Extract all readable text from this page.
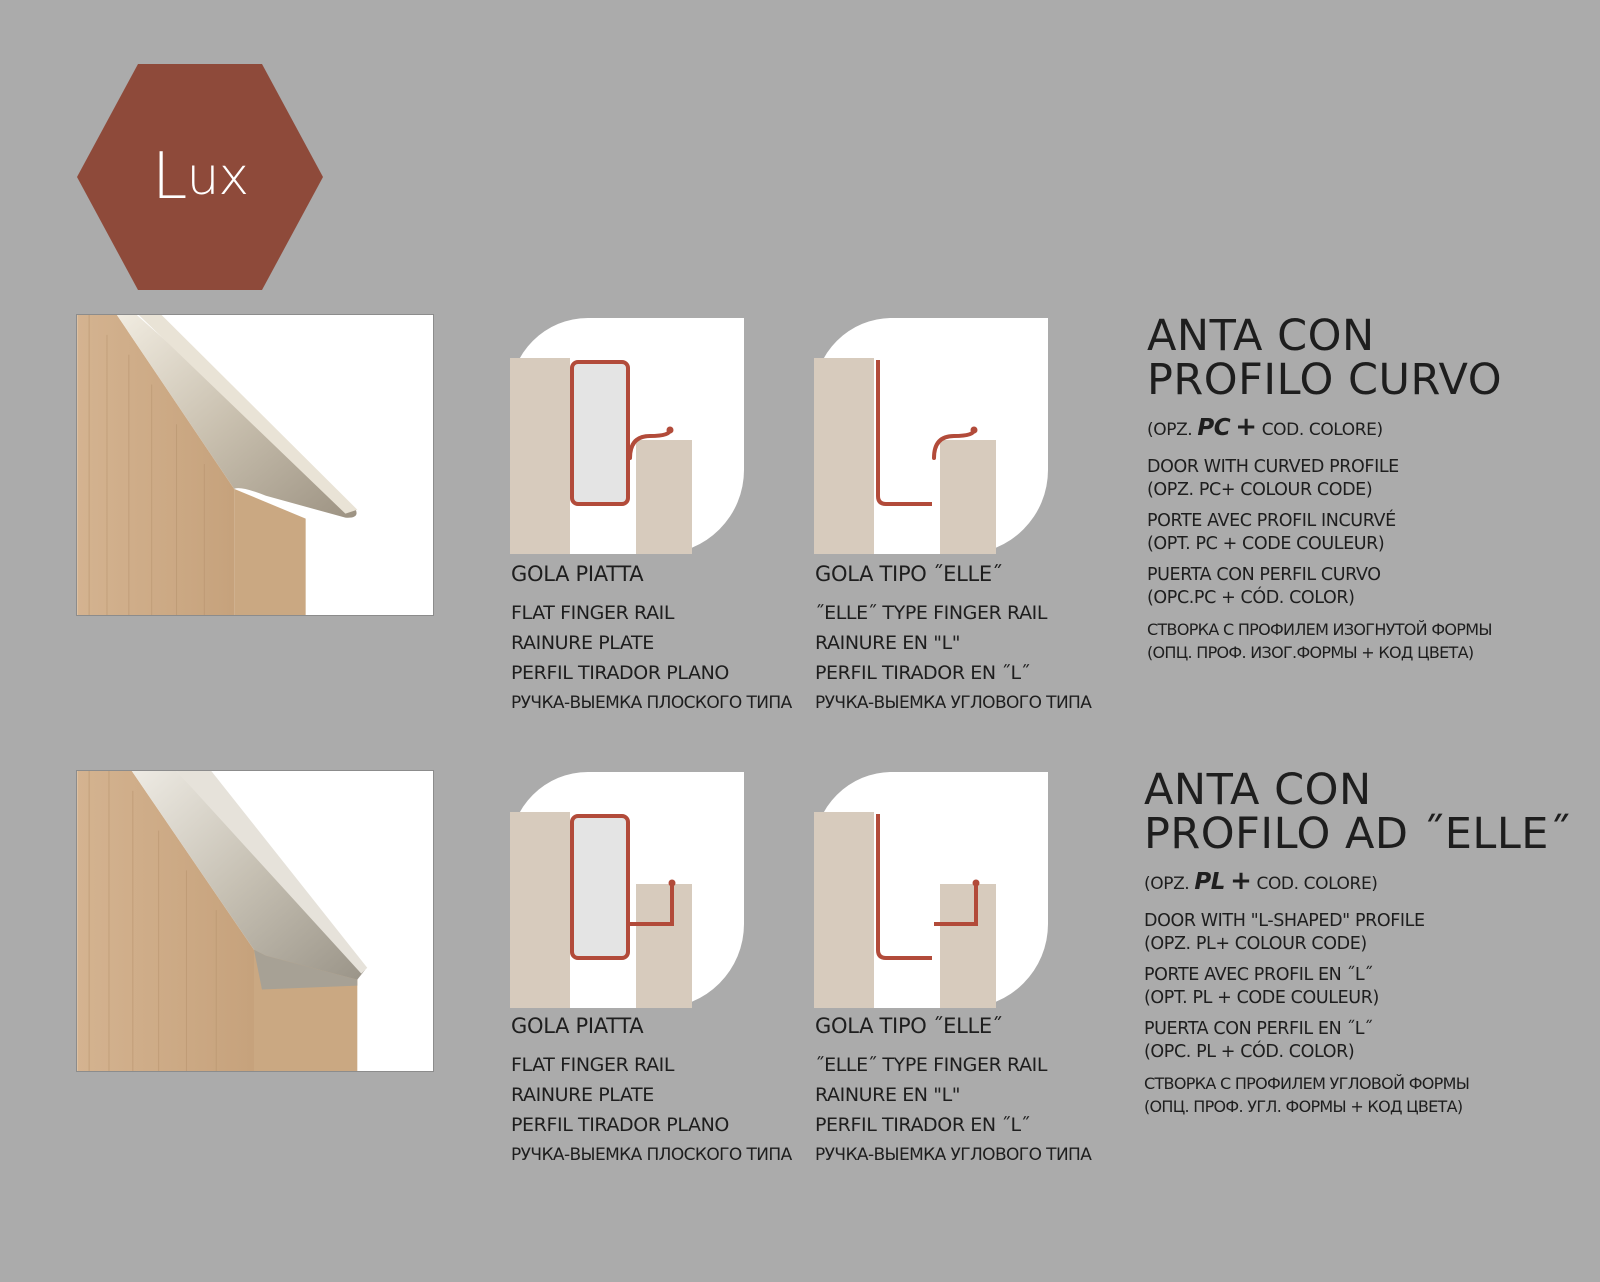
L ux
GOLA PIATTA
FLAT FINGER RAIL
RAINURE PLATE
PERFIL TIRADOR PLANO
РУЧКА-ВЫЕМКА ПЛОСКОГО ТИПА
GOLA TIPO ˝ELLE˝
˝ELLE˝ TYPE FINGER RAIL
RAINURE EN "L"
PERFIL TIRADOR EN ˝L˝
РУЧКА-ВЫЕМКА УГЛОВОГО ТИПА
ANTA CON
PROFILO CURVO
(OPZ. PC + COD. COLORE)
DOOR WITH CURVED PROFILE
(OPZ. PC+ COLOUR CODE)
PORTE AVEC PROFIL INCURVÉ
(OPT. PC + CODE COULEUR)
PUERTA CON PERFIL CURVO
(OPC.PC + CÓD. COLOR)
СТВОРКА С ПРОФИЛЕМ ИЗОГНУТОЙ ФОРМЫ
(ОПЦ. ПРОФ. ИЗОГ.ФОРМЫ + КОД ЦВЕТА)
GOLA PIATTA
FLAT FINGER RAIL
RAINURE PLATE
PERFIL TIRADOR PLANO
РУЧКА-ВЫЕМКА ПЛОСКОГО ТИПА
GOLA TIPO ˝ELLE˝
˝ELLE˝ TYPE FINGER RAIL
RAINURE EN "L"
PERFIL TIRADOR EN ˝L˝
РУЧКА-ВЫЕМКА УГЛОВОГО ТИПА
ANTA CON
PROFILO AD ˝ELLE˝
(OPZ. PL + COD. COLORE)
DOOR WITH "L-SHAPED" PROFILE
(OPZ. PL+ COLOUR CODE)
PORTE AVEC PROFIL EN ˝L˝
(OPT. PL + CODE COULEUR)
PUERTA CON PERFIL EN ˝L˝
(OPC. PL + CÓD. COLOR)
СТВОРКА С ПРОФИЛЕМ УГЛОВОЙ ФОРМЫ
(ОПЦ. ПРОФ. УГЛ. ФОРМЫ + КОД ЦВЕТА)
